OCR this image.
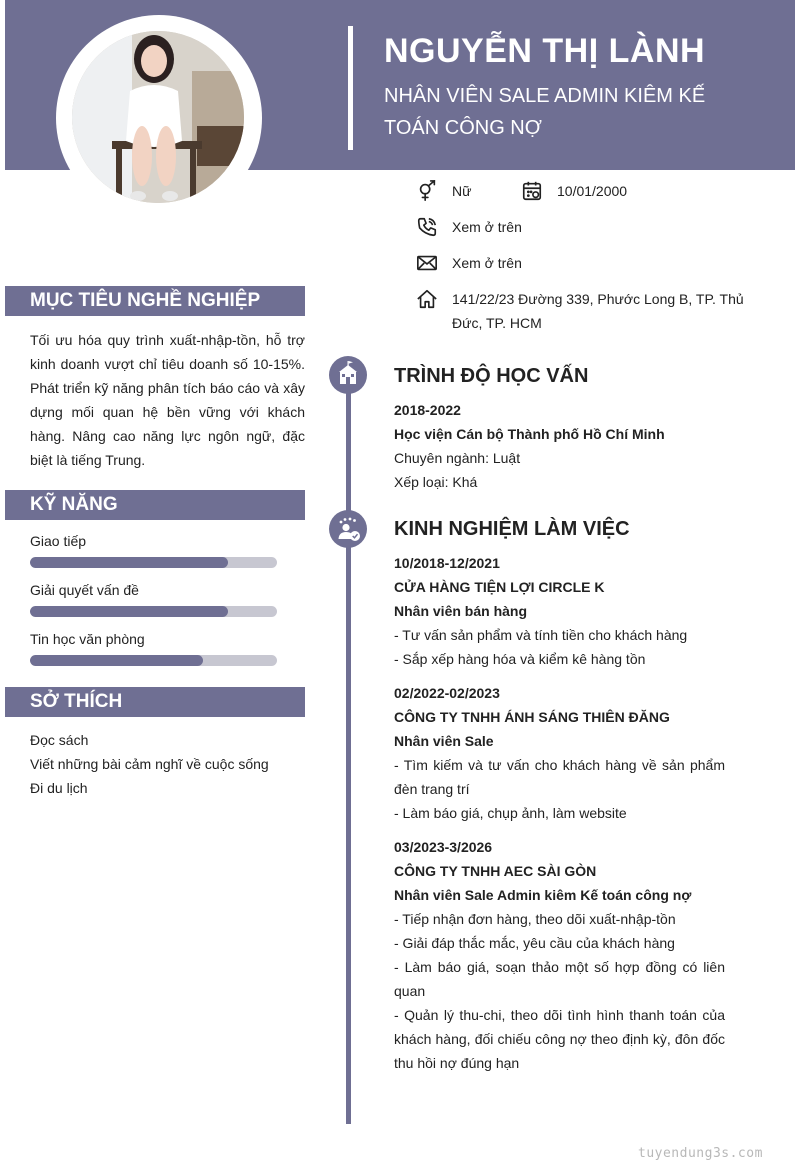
NGUYỄN THỊ LÀNH
NHÂN VIÊN SALE ADMIN KIÊM KẾ TOÁN CÔNG NỢ
Nữ	10/01/2000
Xem ở trên
Xem ở trên
141/22/23 Đường 339, Phước Long B, TP. Thủ Đức, TP. HCM
MỤC TIÊU NGHỀ NGHIỆP
Tối ưu hóa quy trình xuất-nhập-tồn, hỗ trợ kinh doanh vượt chỉ tiêu doanh số 10-15%. Phát triển kỹ năng phân tích báo cáo và xây dựng mối quan hệ bền vững với khách hàng. Nâng cao năng lực ngôn ngữ, đặc biệt là tiếng Trung.
KỸ NĂNG
Giao tiếp
Giải quyết vấn đề
Tin học văn phòng
SỞ THÍCH
Đọc sách
Viết những bài cảm nghĩ về cuộc sống
Đi du lịch
TRÌNH ĐỘ HỌC VẤN
2018-2022
Học viện Cán bộ Thành phố Hồ Chí Minh
Chuyên ngành: Luật
Xếp loại: Khá
KINH NGHIỆM LÀM VIỆC
10/2018-12/2021
CỬA HÀNG TIỆN LỢI CIRCLE K
Nhân viên bán hàng
- Tư vấn sản phẩm và tính tiền cho khách hàng
- Sắp xếp hàng hóa và kiểm kê hàng tồn
02/2022-02/2023
CÔNG TY TNHH ÁNH SÁNG THIÊN ĐĂNG
Nhân viên Sale
- Tìm kiếm và tư vấn cho khách hàng về sản phẩm đèn trang trí
- Làm báo giá, chụp ảnh, làm website
03/2023-3/2026
CÔNG TY TNHH AEC SÀI GÒN
Nhân viên Sale Admin kiêm Kế toán công nợ
- Tiếp nhận đơn hàng, theo dõi xuất-nhập-tồn
- Giải đáp thắc mắc, yêu cầu của khách hàng
- Làm báo giá, soạn thảo một số hợp đồng có liên quan
- Quản lý thu-chi, theo dõi tình hình thanh toán của khách hàng, đối chiếu công nợ theo định kỳ, đôn đốc thu hồi nợ đúng hạn
tuyendung3s.com
